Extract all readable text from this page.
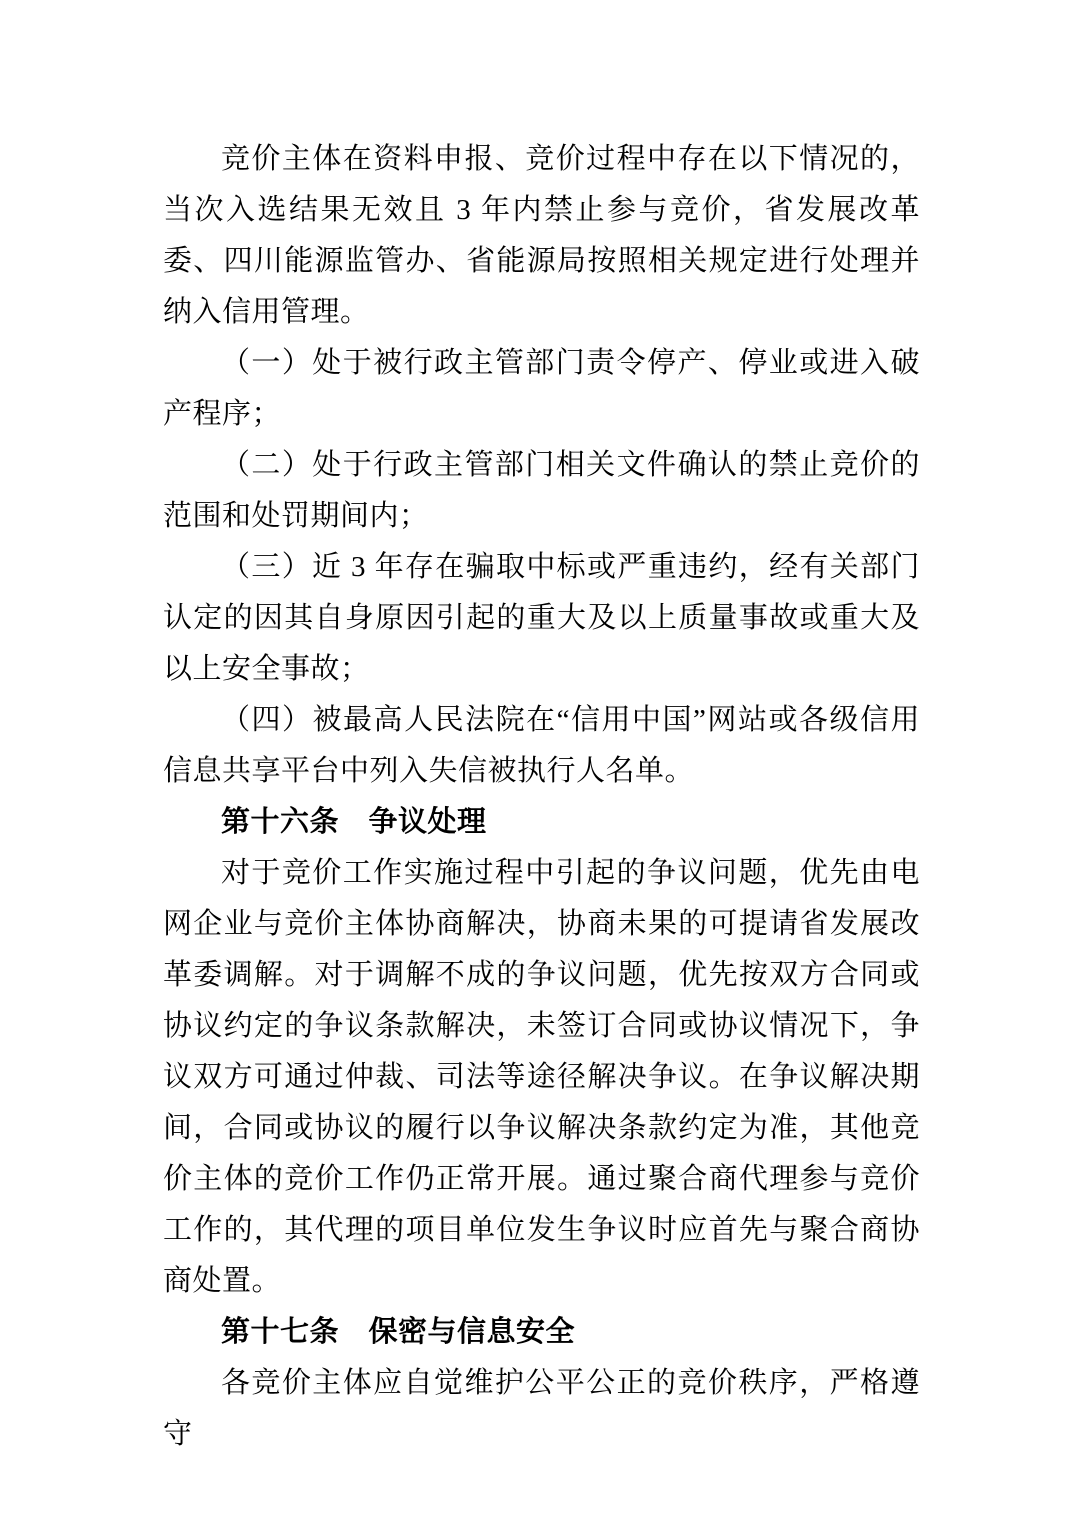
竞价主体在资料申报、竞价过程中存在以下情况的，当次入选结果无效且 3 年内禁止参与竞价，省发展改革委、四川能源监管办、省能源局按照相关规定进行处理并纳入信用管理。

（一）处于被行政主管部门责令停产、停业或进入破产程序；

（二）处于行政主管部门相关文件确认的禁止竞价的范围和处罚期间内；

（三）近 3 年存在骗取中标或严重违约，经有关部门认定的因其自身原因引起的重大及以上质量事故或重大及以上安全事故；

（四）被最高人民法院在“信用中国”网站或各级信用信息共享平台中列入失信被执行人名单。

第十六条　争议处理

对于竞价工作实施过程中引起的争议问题，优先由电网企业与竞价主体协商解决，协商未果的可提请省发展改革委调解。对于调解不成的争议问题，优先按双方合同或协议约定的争议条款解决，未签订合同或协议情况下，争议双方可通过仲裁、司法等途径解决争议。在争议解决期间，合同或协议的履行以争议解决条款约定为准，其他竞价主体的竞价工作仍正常开展。通过聚合商代理参与竞价工作的，其代理的项目单位发生争议时应首先与聚合商协商处置。

第十七条　保密与信息安全

各竞价主体应自觉维护公平公正的竞价秩序，严格遵守
